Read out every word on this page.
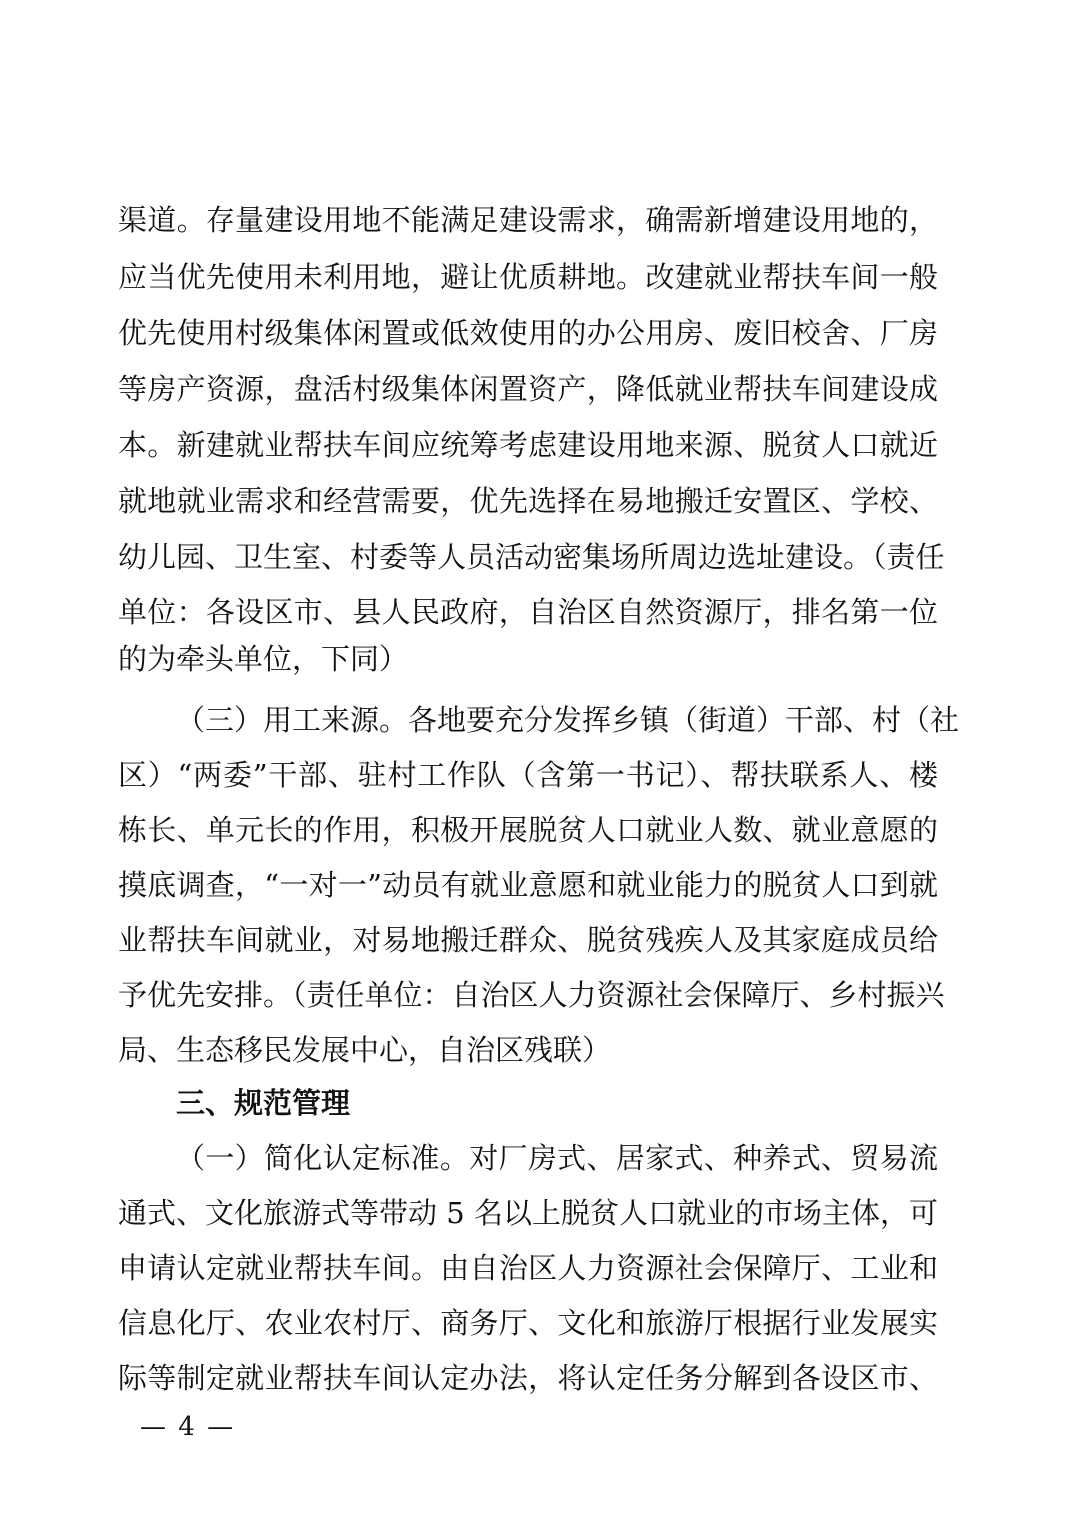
渠道。存量建设用地不能满足建设需求，确需新增建设用地的，
应当优先使用未利用地，避让优质耕地。改建就业帮扶车间一般
优先使用村级集体闲置或低效使用的办公用房、废旧校舍、厂房
等房产资源，盘活村级集体闲置资产，降低就业帮扶车间建设成
本。新建就业帮扶车间应统筹考虑建设用地来源、脱贫人口就近
就地就业需求和经营需要，优先选择在易地搬迁安置区、学校、
幼儿园、卫生室、村委等人员活动密集场所周边选址建设。（责任
单位：各设区市、县人民政府，自治区自然资源厅，排名第一位
的为牵头单位，下同）
（三）用工来源。各地要充分发挥乡镇（街道）干部、村（社
区）“两委”干部、驻村工作队（含第一书记）、帮扶联系人、楼
栋长、单元长的作用，积极开展脱贫人口就业人数、就业意愿的
摸底调查，“一对一”动员有就业意愿和就业能力的脱贫人口到就
业帮扶车间就业，对易地搬迁群众、脱贫残疾人及其家庭成员给
予优先安排。（责任单位：自治区人力资源社会保障厅、乡村振兴
局、生态移民发展中心，自治区残联）
三、规范管理
（一）简化认定标准。对厂房式、居家式、种养式、贸易流
通式、文化旅游式等带动 5 名以上脱贫人口就业的市场主体，可
申请认定就业帮扶车间。由自治区人力资源社会保障厅、工业和
信息化厅、农业农村厅、商务厅、文化和旅游厅根据行业发展实
际等制定就业帮扶车间认定办法，将认定任务分解到各设区市、
— 4 —
